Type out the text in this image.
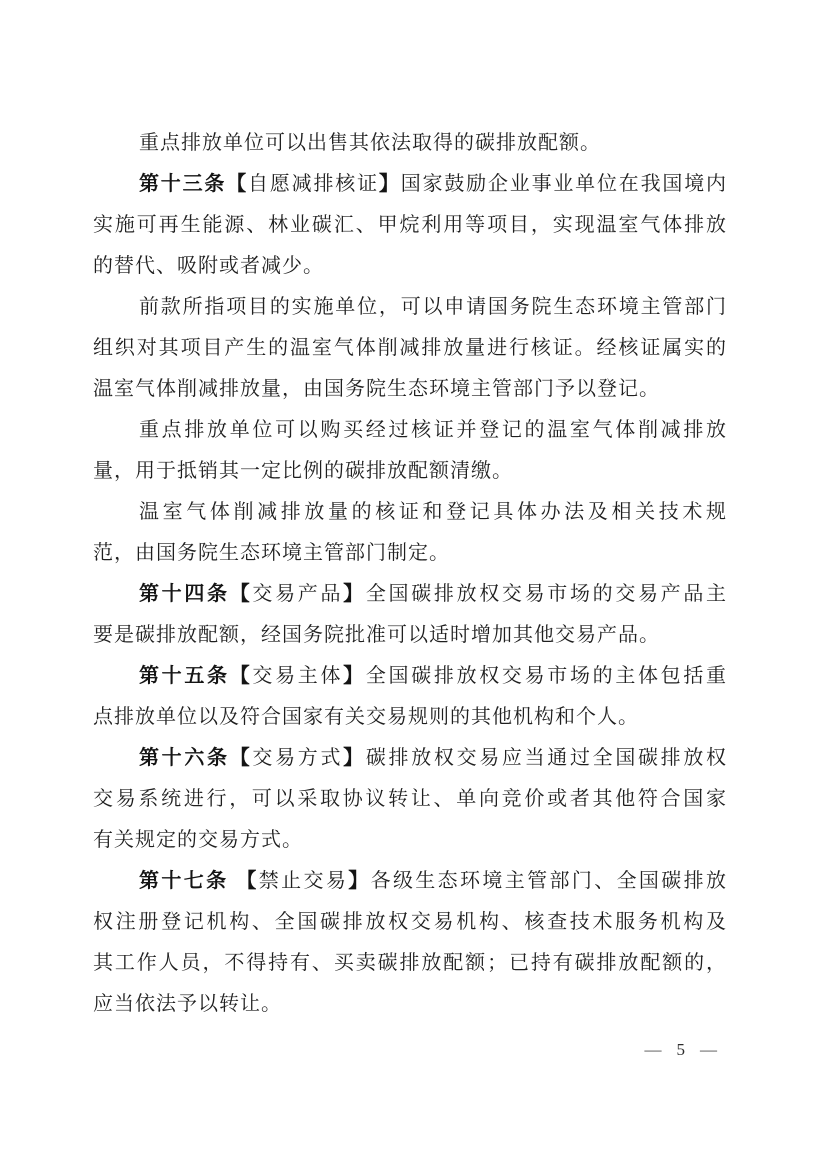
重点排放单位可以出售其依法取得的碳排放配额。
第十三条【自愿减排核证】国家鼓励企业事业单位在我国境内
实施可再生能源、林业碳汇、甲烷利用等项目，实现温室气体排放
的替代、吸附或者减少。
前款所指项目的实施单位，可以申请国务院生态环境主管部门
组织对其项目产生的温室气体削减排放量进行核证。经核证属实的
温室气体削减排放量，由国务院生态环境主管部门予以登记。
重点排放单位可以购买经过核证并登记的温室气体削减排放
量，用于抵销其一定比例的碳排放配额清缴。
温室气体削减排放量的核证和登记具体办法及相关技术规
范，由国务院生态环境主管部门制定。
第十四条【交易产品】全国碳排放权交易市场的交易产品主
要是碳排放配额，经国务院批准可以适时增加其他交易产品。
第十五条【交易主体】全国碳排放权交易市场的主体包括重
点排放单位以及符合国家有关交易规则的其他机构和个人。
第十六条【交易方式】碳排放权交易应当通过全国碳排放权
交易系统进行，可以采取协议转让、单向竞价或者其他符合国家
有关规定的交易方式。
第十七条 【禁止交易】各级生态环境主管部门、全国碳排放
权注册登记机构、全国碳排放权交易机构、核查技术服务机构及
其工作人员，不得持有、买卖碳排放配额；已持有碳排放配额的，
应当依法予以转让。
— 5 —
